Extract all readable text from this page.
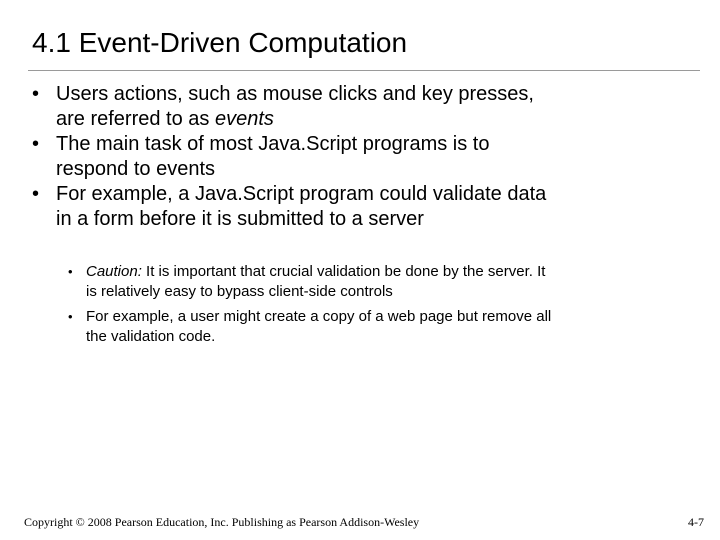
4.1 Event-Driven Computation
• Users actions, such as mouse clicks and key presses,
are referred to as events
• The main task of most Java.Script programs is to
respond to events
• For example, a Java.Script program could validate data
in a form before it is submitted to a server
• Caution: It is important that crucial validation be done by the server. It
is relatively easy to bypass client-side controls
• For example, a user might create a copy of a web page but remove all
the validation code.
Copyright © 2008 Pearson Education, Inc. Publishing as Pearson Addison-Wesley	4-7
